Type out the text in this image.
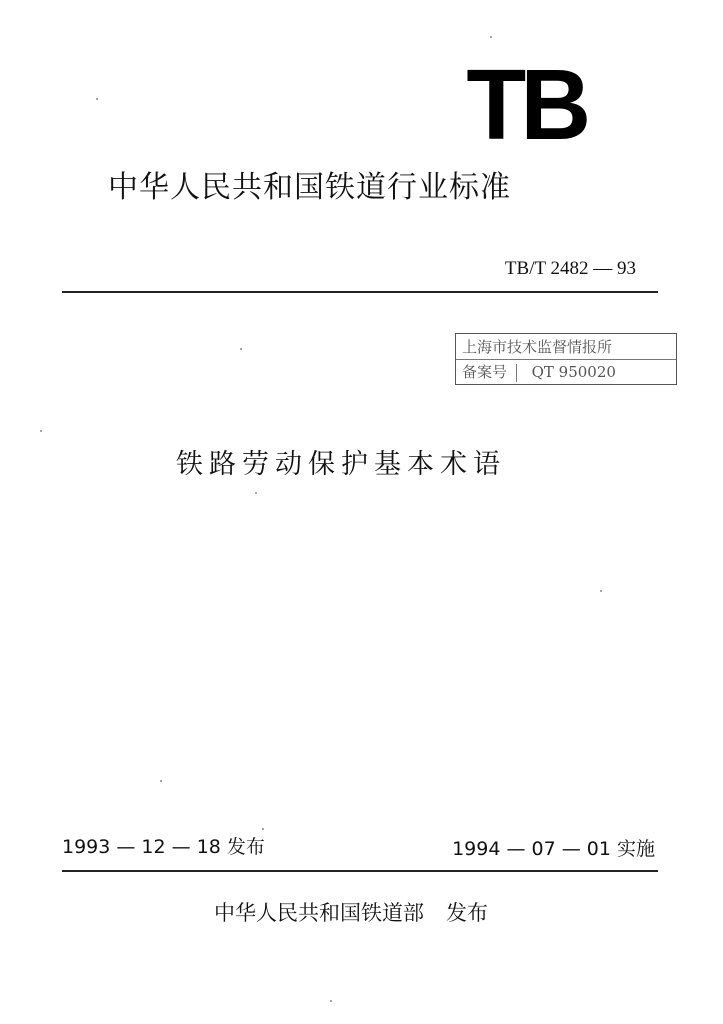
TB
中华人民共和国铁道行业标准
TB/T 2482 — 93
上海市技术监督情报所
备案号 QT 950020
铁路劳动保护基本术语
1993 — 12 — 18 发布	1994 — 07 — 01 实施
中华人民共和国铁道部 发布
